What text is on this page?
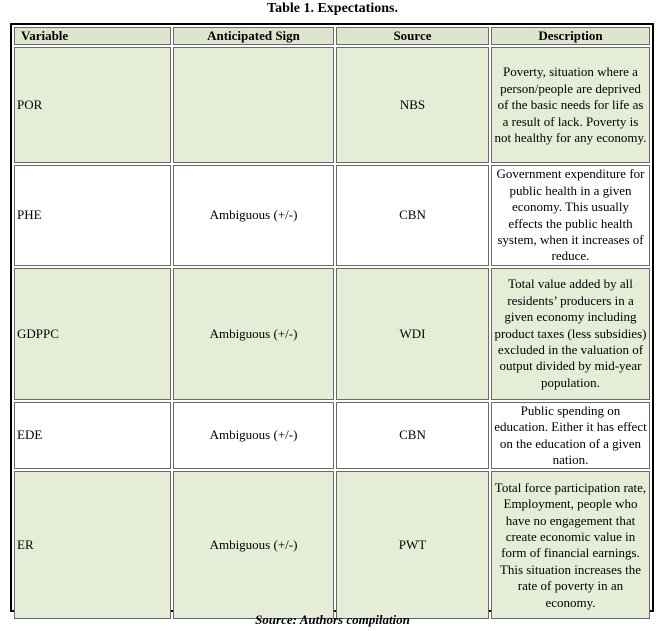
Table 1. Expectations.
Variable	Anticipated Sign	Source	Description
POR		NBS	Poverty, situation where a person/people are deprived of the basic needs for life as a result of lack. Poverty is not healthy for any economy.
PHE	Ambiguous (+/-)	CBN	Government expenditure for public health in a given economy. This usually effects the public health system, when it increases of reduce.
GDPPC	Ambiguous (+/-)	WDI	Total value added by all residents’ producers in a given economy including product taxes (less subsidies) excluded in the valuation of output divided by mid-year population.
EDE	Ambiguous (+/-)	CBN	Public spending on education. Either it has effect on the education of a given nation.
ER	Ambiguous (+/-)	PWT	Total force participation rate, Employment, people who have no engagement that create economic value in form of financial earnings. This situation increases the rate of poverty in an economy.
Source: Authors compilation
